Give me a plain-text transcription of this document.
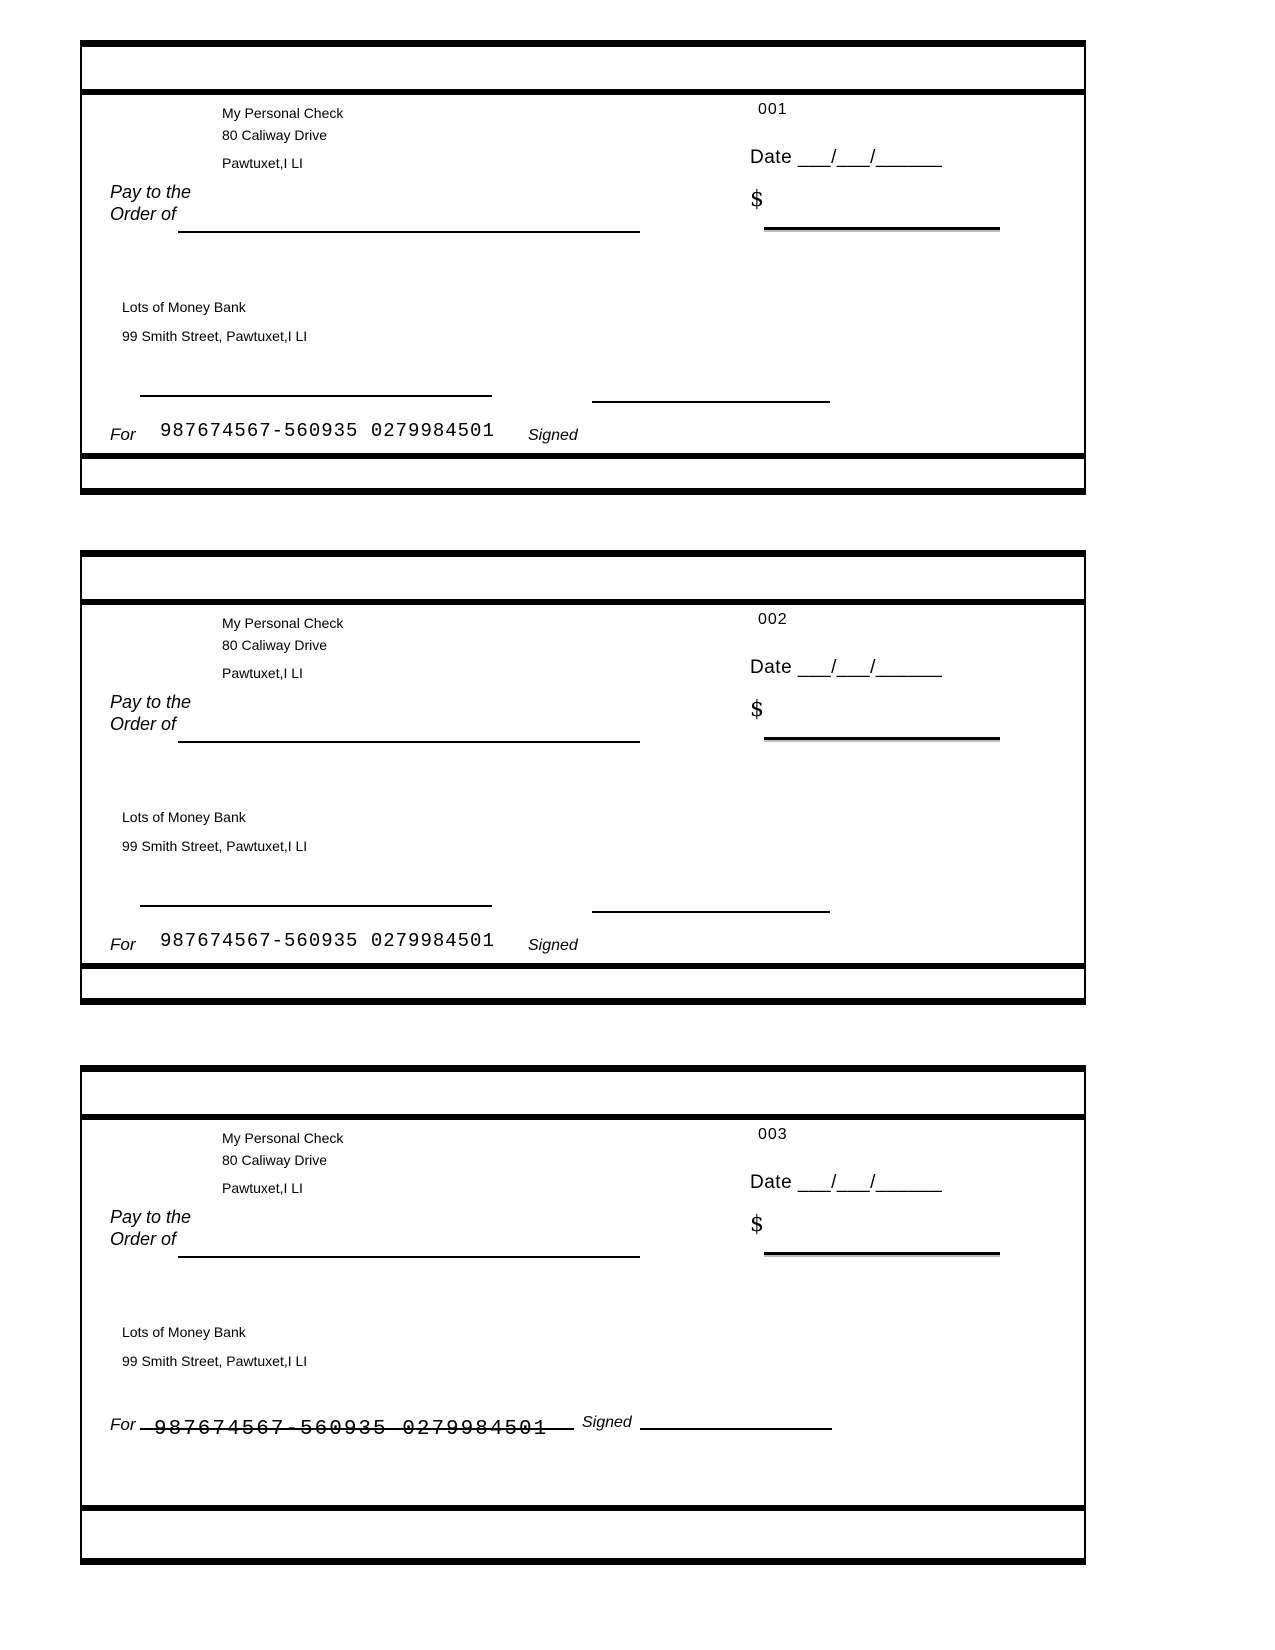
My Personal Check
80 Caliway Drive
Pawtuxet,I LI
001
Date ___/___/______
Pay to the
Order of
$
Lots of Money Bank
99 Smith Street, Pawtuxet,I LI
For 987674567-560935 0279984501 Signed
My Personal Check
80 Caliway Drive
Pawtuxet,I LI
002
Date ___/___/______
Pay to the
Order of
$
Lots of Money Bank
99 Smith Street, Pawtuxet,I LI
For 987674567-560935 0279984501 Signed
My Personal Check
80 Caliway Drive
Pawtuxet,I LI
003
Date ___/___/______
Pay to the
Order of
$
Lots of Money Bank
99 Smith Street, Pawtuxet,I LI
For 987674567-560935 0279984501 Signed
